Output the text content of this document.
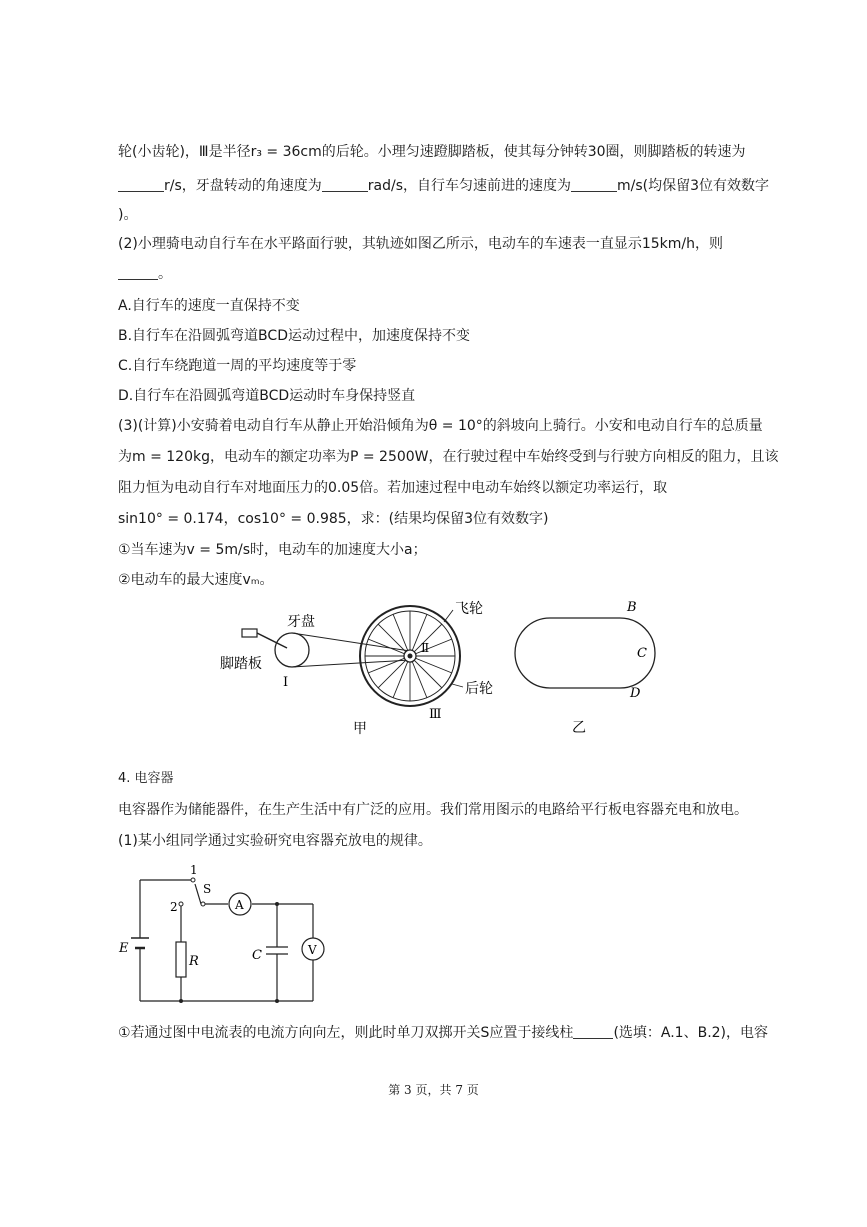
轮(小齿轮)，Ⅲ是半径r₃ = 36cm的后轮。小理匀速蹬脚踏板，使其每分钟转30圈，则脚踏板的转速为
r/s，牙盘转动的角速度为	rad/s，自行车匀速前进的速度为	m/s(均保留3位有效数字
)。
(2)小理骑电动自行车在水平路面行驶，其轨迹如图乙所示，电动车的车速表一直显示15km/h，则
。
A.自行车的速度一直保持不变
B.自行车在沿圆弧弯道BCD运动过程中，加速度保持不变
C.自行车绕跑道一周的平均速度等于零
D.自行车在沿圆弧弯道BCD运动时车身保持竖直
(3)(计算)小安骑着电动自行车从静止开始沿倾角为θ = 10°的斜坡向上骑行。小安和电动自行车的总质量
为m = 120kg，电动车的额定功率为P = 2500W，在行驶过程中车始终受到与行驶方向相反的阻力，且该
阻力恒为电动自行车对地面压力的0.05倍。若加速过程中电动车始终以额定功率运行，取
sin10° = 0.174，cos10° = 0.985，求：(结果均保留3位有效数字)
①当车速为v = 5m/s时，电动车的加速度大小a；
②电动车的最大速度vₘ。
牙盘
脚踏板
飞轮
后轮
Ⅰ
Ⅱ
Ⅲ
甲
B
C
D
乙
4. 电容器
电容器作为储能器件，在生产生活中有广泛的应用。我们常用图示的电路给平行板电容器充电和放电。
(1)某小组同学通过实验研究电容器充放电的规律。
A
V
1
2
S
E
R	C
①若通过图中电流表的电流方向向左，则此时单刀双掷开关S应置于接线柱	(选填：A.1、B.2)，电容
第 3 页，共 7 页
